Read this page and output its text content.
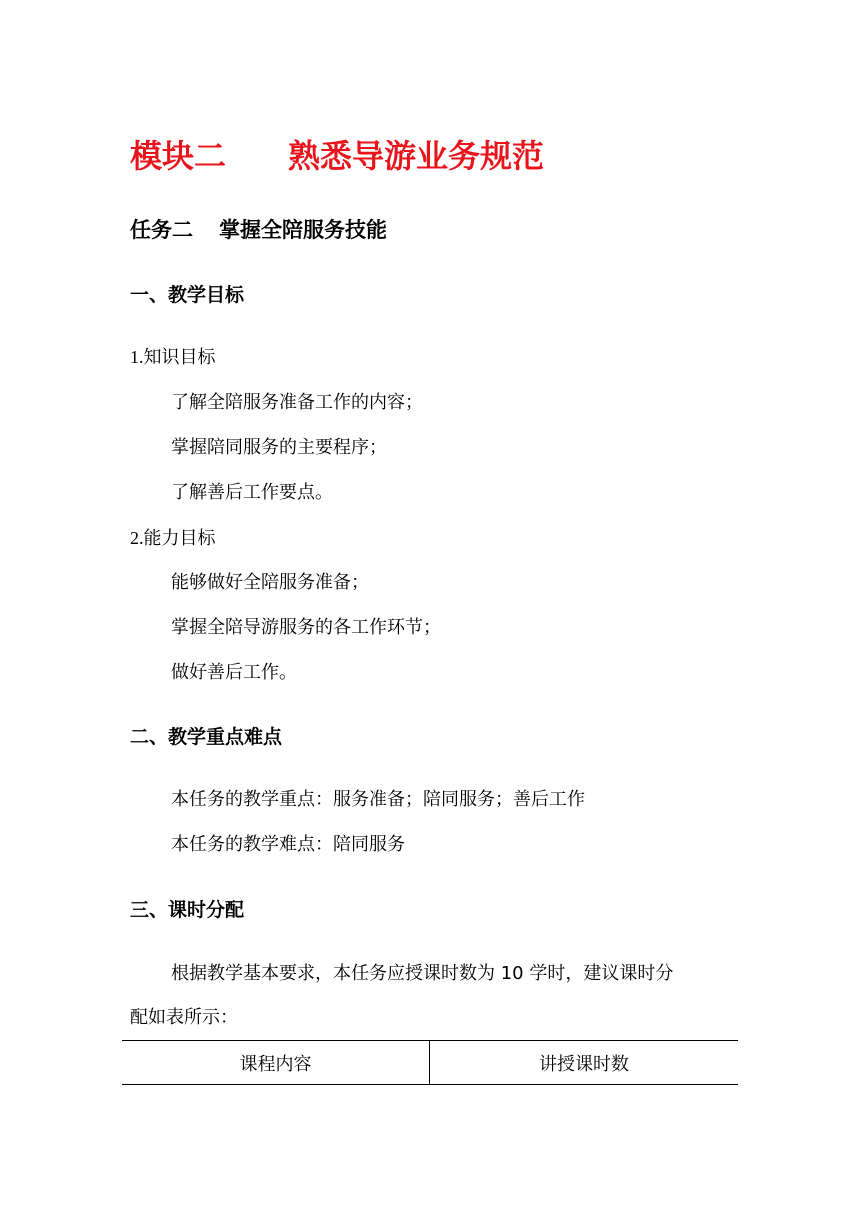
模块二 熟悉导游业务规范
任务二 掌握全陪服务技能
一、教学目标
1.知识目标
了解全陪服务准备工作的内容；
掌握陪同服务的主要程序；
了解善后工作要点。
2.能力目标
能够做好全陪服务准备；
掌握全陪导游服务的各工作环节；
做好善后工作。
二、教学重点难点
本任务的教学重点：服务准备；陪同服务；善后工作
本任务的教学难点：陪同服务
三、课时分配
根据教学基本要求，本任务应授课时数为 10 学时，建议课时分
配如表所示：
课程内容	讲授课时数
